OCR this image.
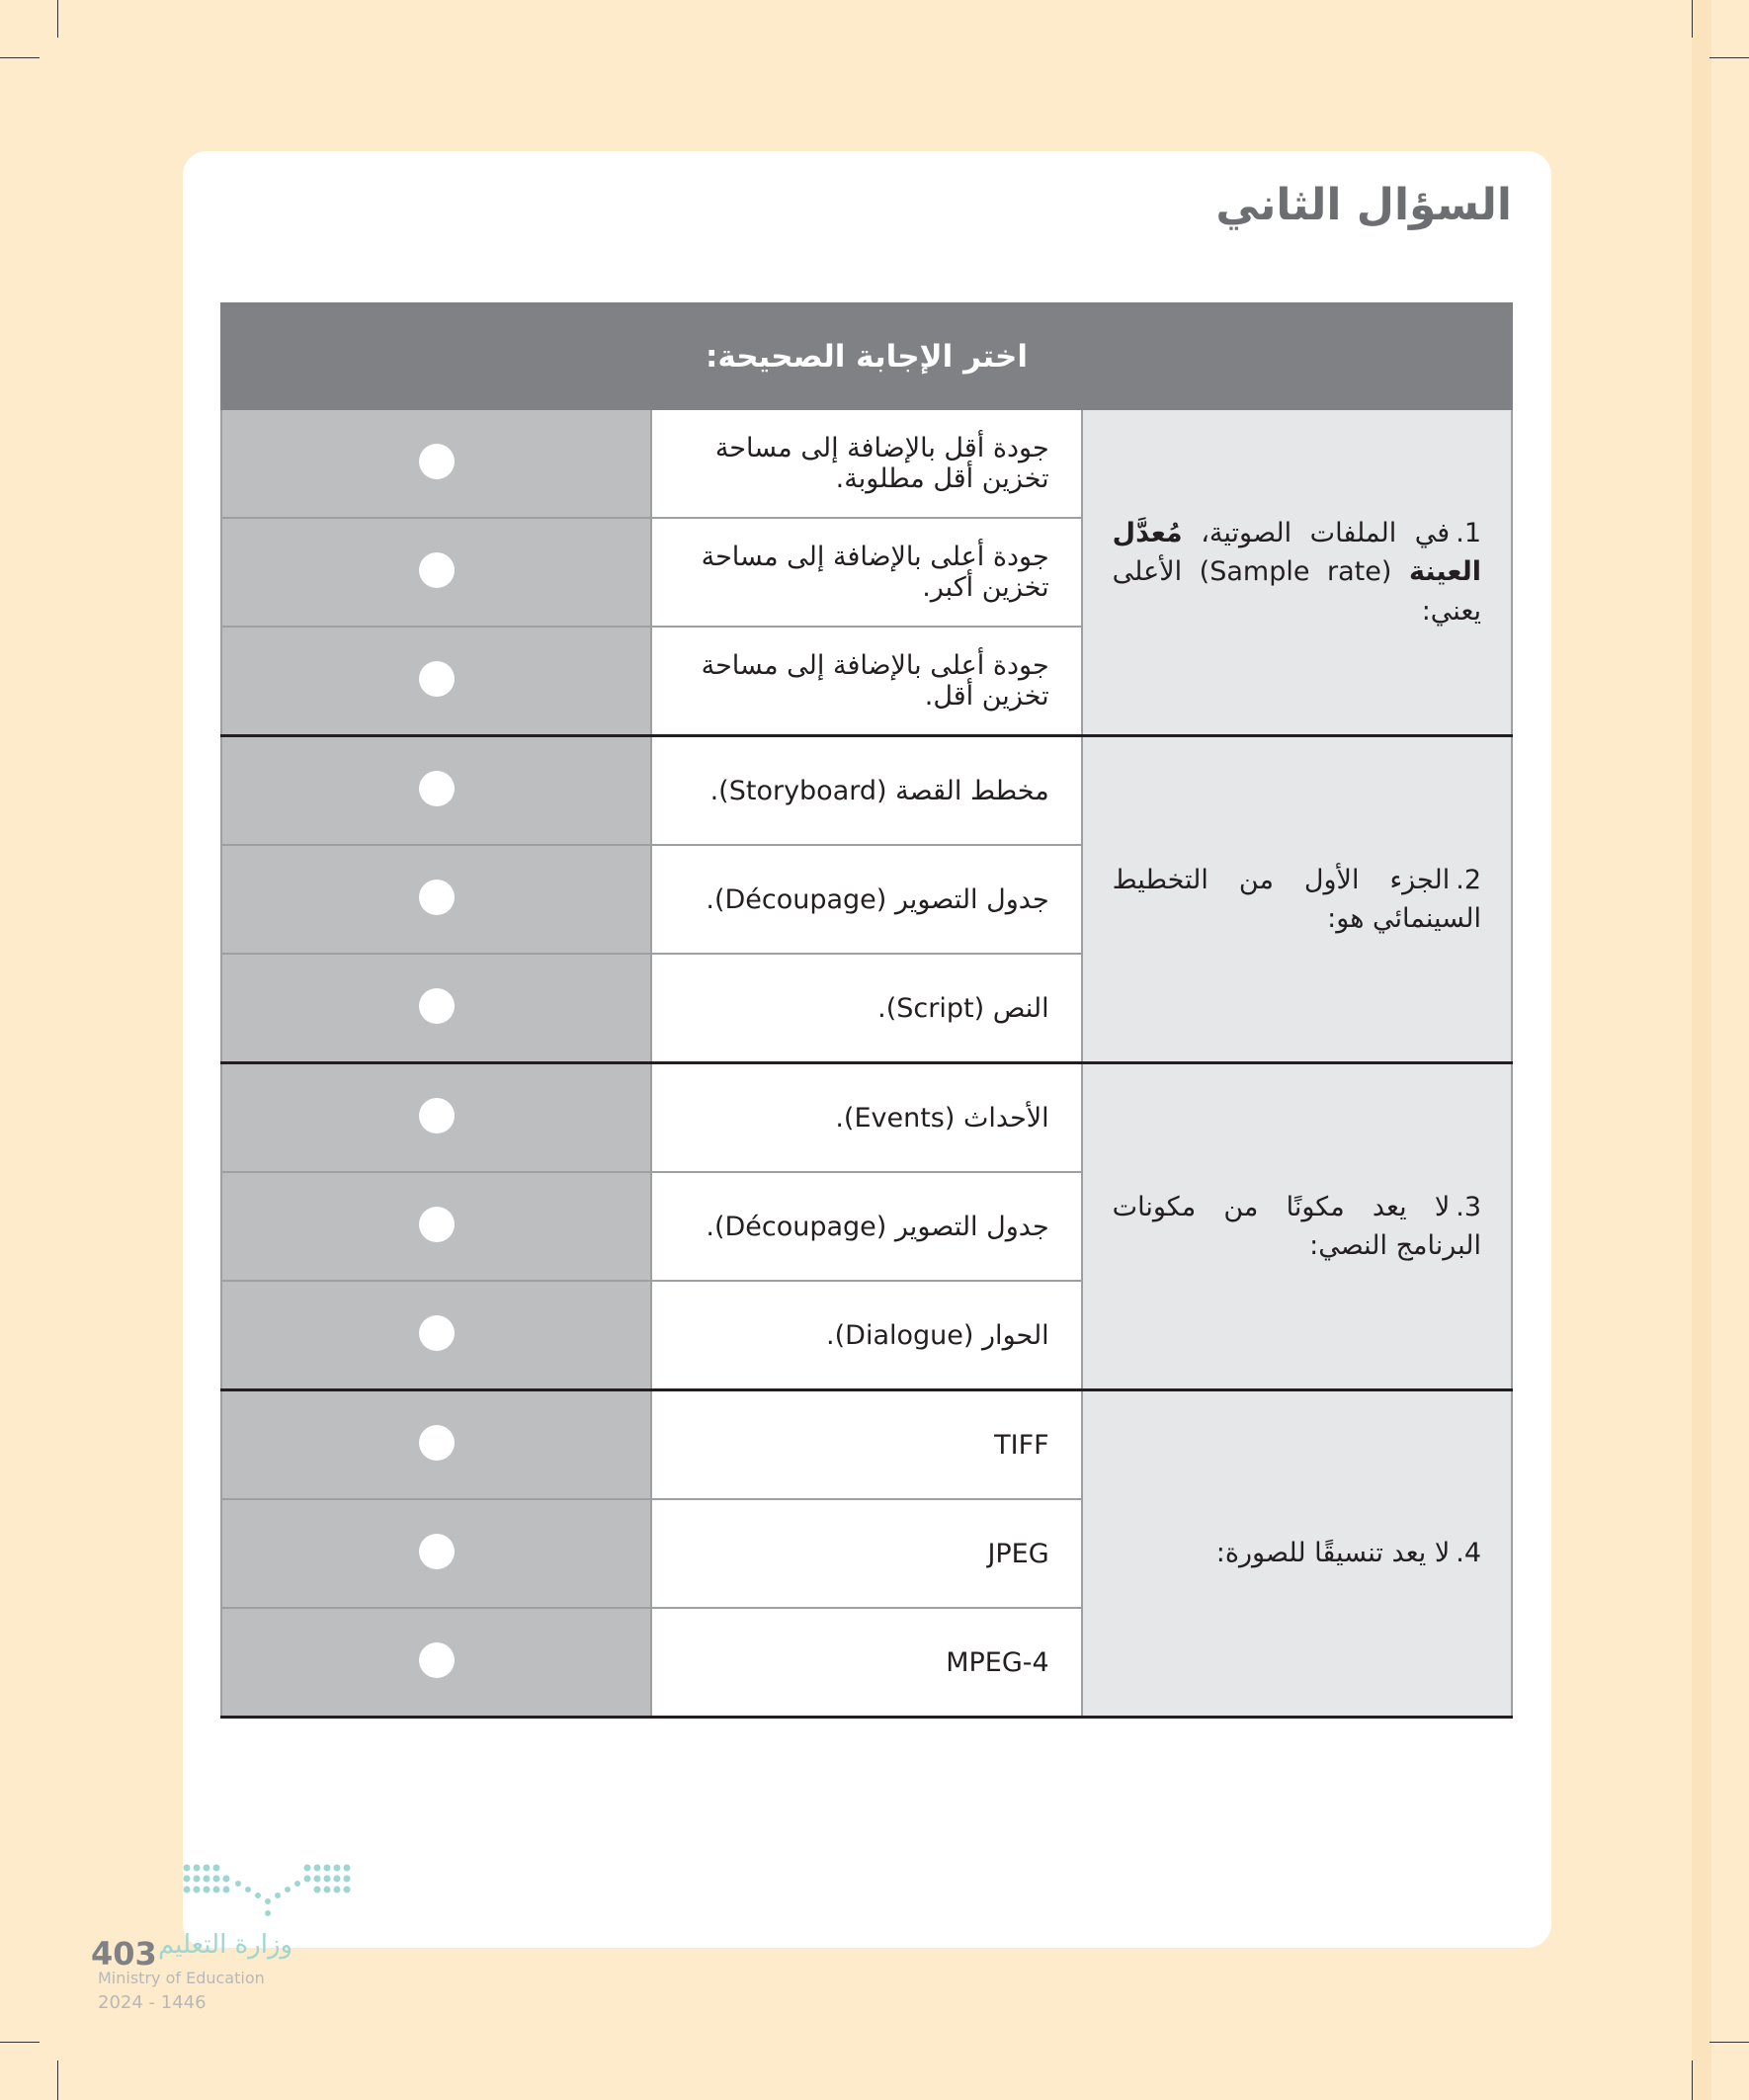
السؤال الثاني
اختر الإجابة الصحيحة:		
1.في الملفات الصوتية، مُعدَّل العينة (Sample rate) الأعلى يعني:	جودة أقل بالإضافة إلى مساحة تخزين أقل مطلوبة.	
	جودة أعلى بالإضافة إلى مساحة تخزين أكبر.	
	جودة أعلى بالإضافة إلى مساحة تخزين أقل.	
2.الجزء الأول من التخطيط السينمائي هو:	مخطط القصة (Storyboard).	
	جدول التصوير (Découpage).	
	النص (Script).	
3.لا يعد مكونًا من مكونات البرنامج النصي:	الأحداث (Events).	
	جدول التصوير (Découpage).	
	الحوار (Dialogue).	
4.لا يعد تنسيقًا للصورة:	TIFF	
	JPEG	
	MPEG-4	
وزارة التعليم
Ministry of Education
2024 - 1446
403
